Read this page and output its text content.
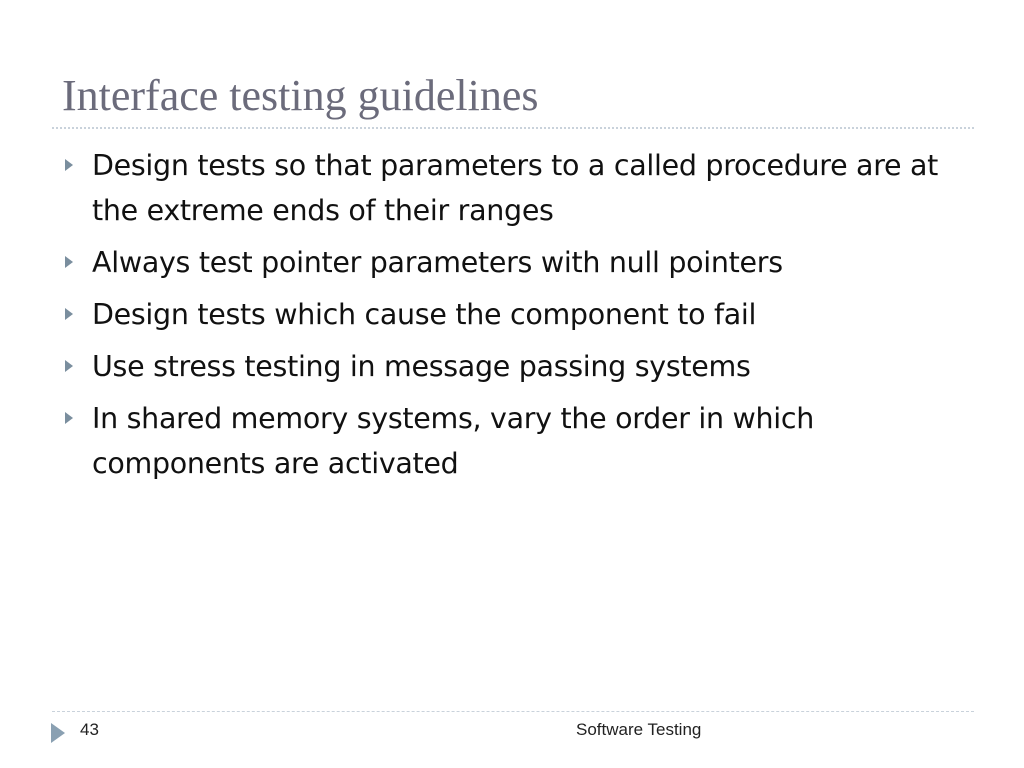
Interface testing guidelines
Design tests so that parameters to a called procedure are at the extreme ends of their ranges
Always test pointer parameters with null pointers
Design tests which cause the component to fail
Use stress testing in message passing systems
In shared memory systems, vary the order in which components are activated
43	Software Testing
